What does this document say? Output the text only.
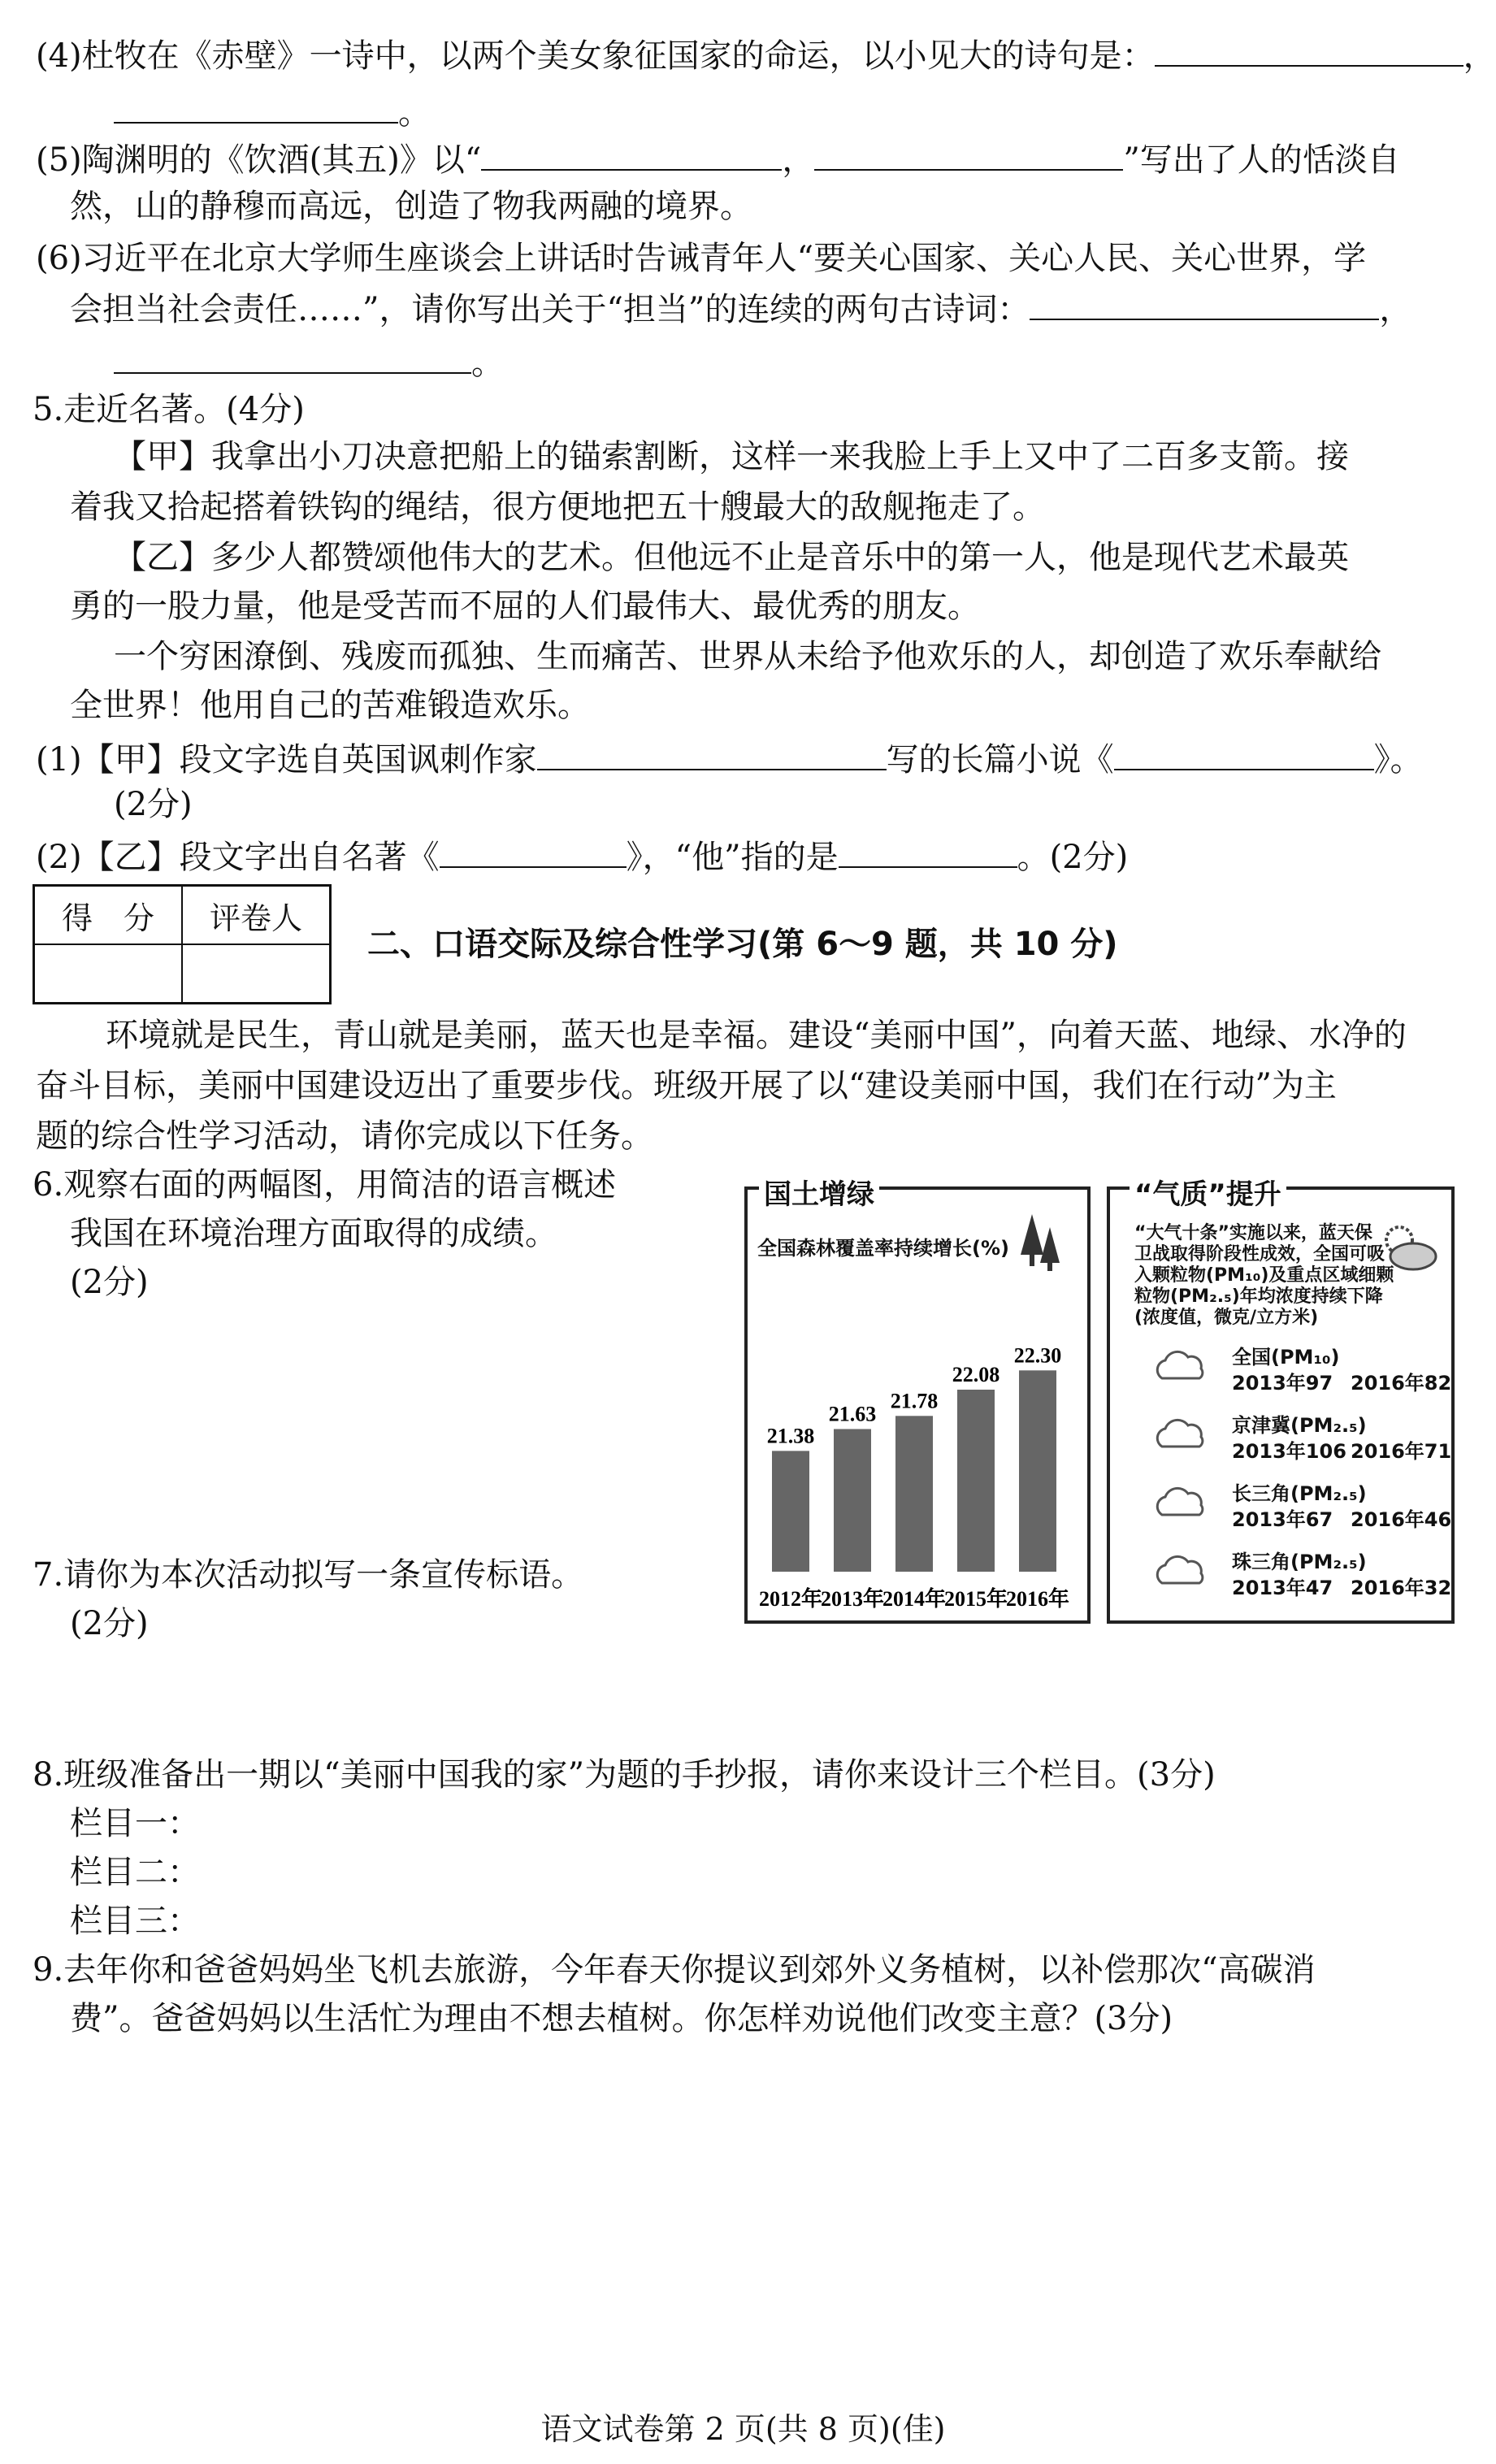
(4)杜牧在《赤壁》一诗中，以两个美女象征国家的命运，以小见大的诗句是：	，
。
(5)陶渊明的《饮酒(其五)》以“	，	”写出了人的恬淡自
然，山的静穆而高远，创造了物我两融的境界。
(6)习近平在北京大学师生座谈会上讲话时告诫青年人“要关心国家、关心人民、关心世界，学
会担当社会责任……”，请你写出关于“担当”的连续的两句古诗词：	，
。
5.走近名著。(4分)
【甲】我拿出小刀决意把船上的锚索割断，这样一来我脸上手上又中了二百多支箭。接
着我又拾起搭着铁钩的绳结，很方便地把五十艘最大的敌舰拖走了。
【乙】多少人都赞颂他伟大的艺术。但他远不止是音乐中的第一人，他是现代艺术最英
勇的一股力量，他是受苦而不屈的人们最伟大、最优秀的朋友。
一个穷困潦倒、残废而孤独、生而痛苦、世界从未给予他欢乐的人，却创造了欢乐奉献给
全世界！他用自己的苦难锻造欢乐。
(1)【甲】段文字选自英国讽刺作家	写的长篇小说《	》。
(2分)
(2)【乙】段文字出自名著《	》，“他”指的是	。(2分)
得　分	评卷人

二、口语交际及综合性学习(第 6～9 题，共 10 分)
环境就是民生，青山就是美丽，蓝天也是幸福。建设“美丽中国”，向着天蓝、地绿、水净的
奋斗目标，美丽中国建设迈出了重要步伐。班级开展了以“建设美丽中国，我们在行动”为主
题的综合性学习活动，请你完成以下任务。
6.观察右面的两幅图，用简洁的语言概述
我国在环境治理方面取得的成绩。
(2分)
7.请你为本次活动拟写一条宣传标语。
(2分)
国土增绿
全国森林覆盖率持续增长(%)
21.38
2012年
21.63
2013年
21.78
2014年
22.08
2015年
22.30
2016年
“气质”提升
“大气十条”实施以来，蓝天保
卫战取得阶段性成效，全国可吸
入颗粒物(PM₁₀)及重点区域细颗
粒物(PM₂.₅)年均浓度持续下降
(浓度值，微克/立方米)
全国(PM₁₀)
2013年97 2016年82
京津冀(PM₂.₅)
2013年106 2016年71
长三角(PM₂.₅)
2013年67 2016年46
珠三角(PM₂.₅)
2013年47 2016年32
8.班级准备出一期以“美丽中国我的家”为题的手抄报，请你来设计三个栏目。(3分)
栏目一：
栏目二：
栏目三：
9.去年你和爸爸妈妈坐飞机去旅游，今年春天你提议到郊外义务植树，以补偿那次“高碳消
费”。爸爸妈妈以生活忙为理由不想去植树。你怎样劝说他们改变主意？(3分)
语文试卷第 2 页(共 8 页)(佳)
